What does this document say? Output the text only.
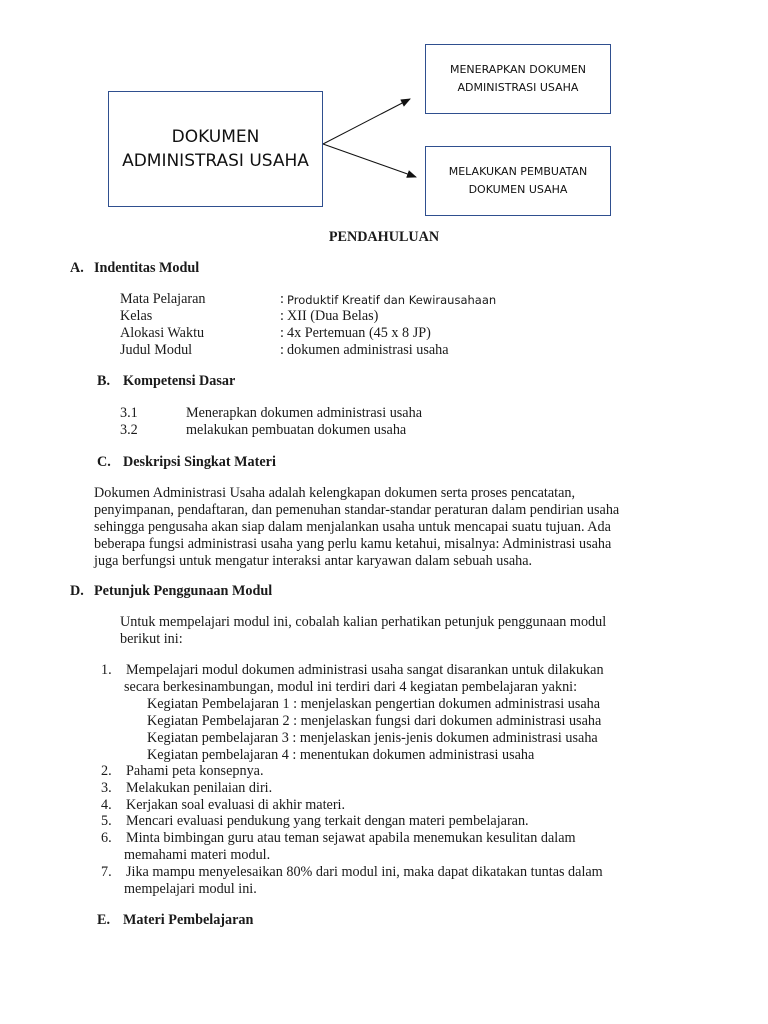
DOKUMEN
ADMINISTRASI USAHA
MENERAPKAN DOKUMEN
ADMINISTRASI USAHA
MELAKUKAN PEMBUATAN
DOKUMEN USAHA
PENDAHULUAN
A. Indentitas Modul
Mata Pelajaran	: Produktif Kreatif dan Kewirausahaan
Kelas	: XII (Dua Belas)
Alokasi Waktu	: 4x Pertemuan (45 x 8 JP)
Judul Modul	: dokumen administrasi usaha
B. Kompetensi Dasar
3.1	Menerapkan dokumen administrasi usaha
3.2	melakukan pembuatan dokumen usaha
C. Deskripsi Singkat Materi
Dokumen Administrasi Usaha adalah kelengkapan dokumen serta proses pencatatan,
penyimpanan, pendaftaran, dan pemenuhan standar-standar peraturan dalam pendirian usaha
sehingga pengusaha akan siap dalam menjalankan usaha untuk mencapai suatu tujuan. Ada
beberapa fungsi administrasi usaha yang perlu kamu ketahui, misalnya: Administrasi usaha
juga berfungsi untuk mengatur interaksi antar karyawan dalam sebuah usaha.
D. Petunjuk Penggunaan Modul
Untuk mempelajari modul ini, cobalah kalian perhatikan petunjuk penggunaan modul
berikut ini:
1. Mempelajari modul dokumen administrasi usaha sangat disarankan untuk dilakukan
secara berkesinambungan, modul ini terdiri dari 4 kegiatan pembelajaran yakni:
Kegiatan Pembelajaran 1 : menjelaskan pengertian dokumen administrasi usaha
Kegiatan Pembelajaran 2 : menjelaskan fungsi dari dokumen administrasi usaha
Kegiatan pembelajaran 3 : menjelaskan jenis-jenis dokumen administrasi usaha
Kegiatan pembelajaran 4 : menentukan dokumen administrasi usaha
2. Pahami peta konsepnya.
3. Melakukan penilaian diri.
4. Kerjakan soal evaluasi di akhir materi.
5. Mencari evaluasi pendukung yang terkait dengan materi pembelajaran.
6. Minta bimbingan guru atau teman sejawat apabila menemukan kesulitan dalam
memahami materi modul.
7. Jika mampu menyelesaikan 80% dari modul ini, maka dapat dikatakan tuntas dalam
mempelajari modul ini.
E. Materi Pembelajaran
